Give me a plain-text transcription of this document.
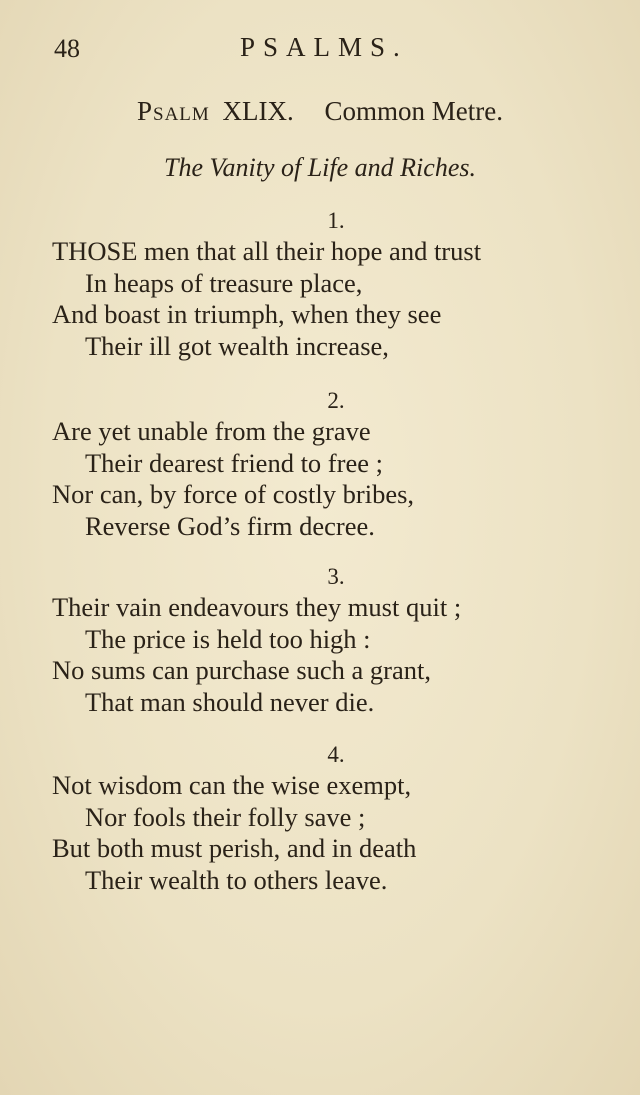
48	PSALMS.
Psalm XLIX. Common Metre.
The Vanity of Life and Riches.
1.
THOSE men that all their hope and trust
In heaps of treasure place,
And boast in triumph, when they see
Their ill got wealth increase,
2.
Are yet unable from the grave
Their dearest friend to free ;
Nor can, by force of costly bribes,
Reverse God’s firm decree.
3.
Their vain endeavours they must quit ;
The price is held too high :
No sums can purchase such a grant,
That man should never die.
4.
Not wisdom can the wise exempt,
Nor fools their folly save ;
But both must perish, and in death
Their wealth to others leave.
